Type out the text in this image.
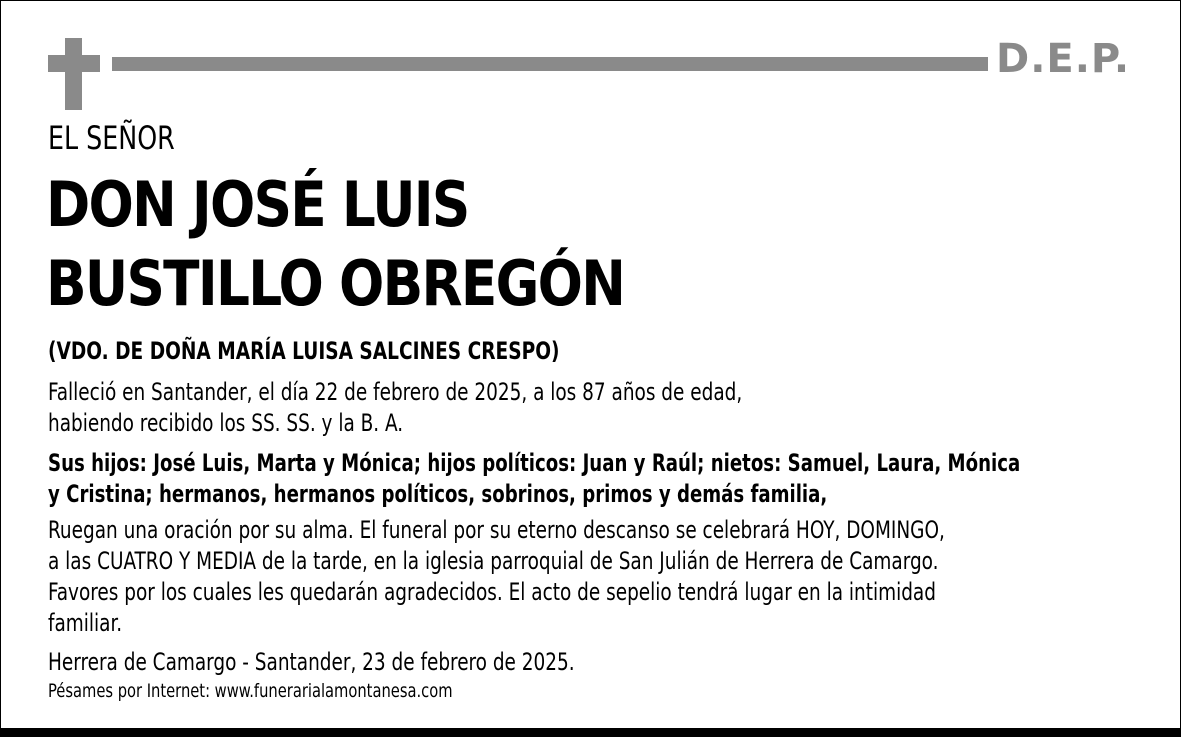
D.E.P.
EL SEÑOR
DON JOSÉ LUIS
BUSTILLO OBREGÓN
(VDO. DE DOÑA MARÍA LUISA SALCINES CRESPO)
Falleció en Santander, el día 22 de febrero de 2025, a los 87 años de edad,
habiendo recibido los SS. SS. y la B. A.
Sus hijos: José Luis, Marta y Mónica; hijos políticos: Juan y Raúl; nietos: Samuel, Laura, Mónica
y Cristina; hermanos, hermanos políticos, sobrinos, primos y demás familia,
Ruegan una oración por su alma. El funeral por su eterno descanso se celebrará HOY, DOMINGO,
a las CUATRO Y MEDIA de la tarde, en la iglesia parroquial de San Julián de Herrera de Camargo.
Favores por los cuales les quedarán agradecidos. El acto de sepelio tendrá lugar en la intimidad
familiar.
Herrera de Camargo - Santander, 23 de febrero de 2025.
Pésames por Internet: www.funerarialamontanesa.com
